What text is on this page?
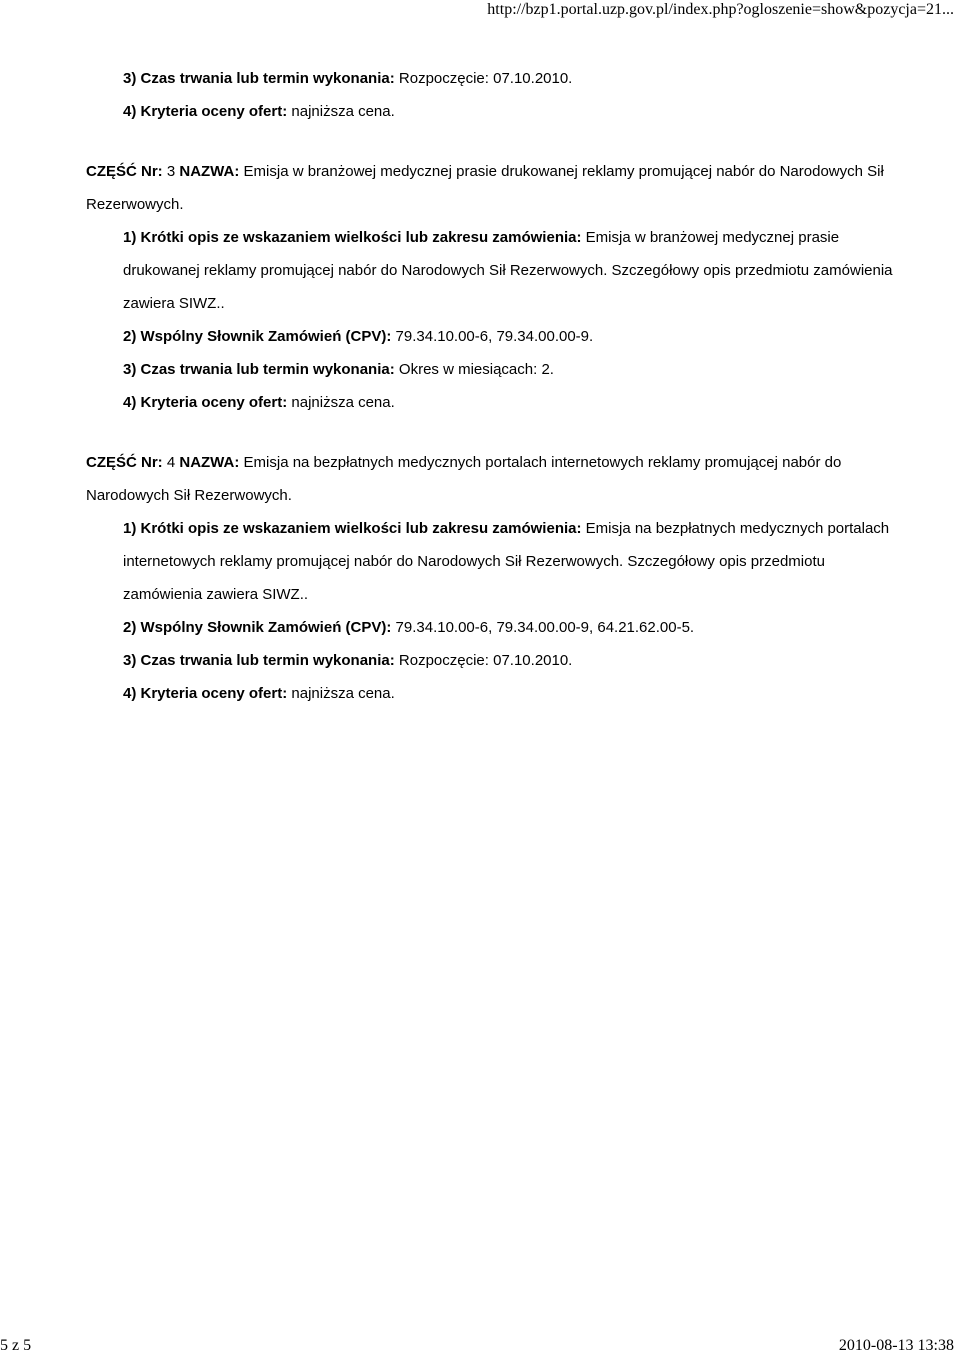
http://bzp1.portal.uzp.gov.pl/index.php?ogloszenie=show&pozycja=21...

3) Czas trwania lub termin wykonania: Rozpoczęcie: 07.10.2010.

4) Kryteria oceny ofert: najniższa cena.

CZĘŚĆ Nr: 3 NAZWA: Emisja w branżowej medycznej prasie drukowanej reklamy promującej nabór do Narodowych Sił Rezerwowych.

1) Krótki opis ze wskazaniem wielkości lub zakresu zamówienia: Emisja w branżowej medycznej prasie drukowanej reklamy promującej nabór do Narodowych Sił Rezerwowych. Szczegółowy opis przedmiotu zamówienia zawiera SIWZ..

2) Wspólny Słownik Zamówień (CPV): 79.34.10.00-6, 79.34.00.00-9.

3) Czas trwania lub termin wykonania: Okres w miesiącach: 2.

4) Kryteria oceny ofert: najniższa cena.

CZĘŚĆ Nr: 4 NAZWA: Emisja na bezpłatnych medycznych portalach internetowych reklamy promującej nabór do Narodowych Sił Rezerwowych.

1) Krótki opis ze wskazaniem wielkości lub zakresu zamówienia: Emisja na bezpłatnych medycznych portalach internetowych reklamy promującej nabór do Narodowych Sił Rezerwowych. Szczegółowy opis przedmiotu zamówienia zawiera SIWZ..

2) Wspólny Słownik Zamówień (CPV): 79.34.10.00-6, 79.34.00.00-9, 64.21.62.00-5.

3) Czas trwania lub termin wykonania: Rozpoczęcie: 07.10.2010.

4) Kryteria oceny ofert: najniższa cena.

5 z 5	2010-08-13 13:38
